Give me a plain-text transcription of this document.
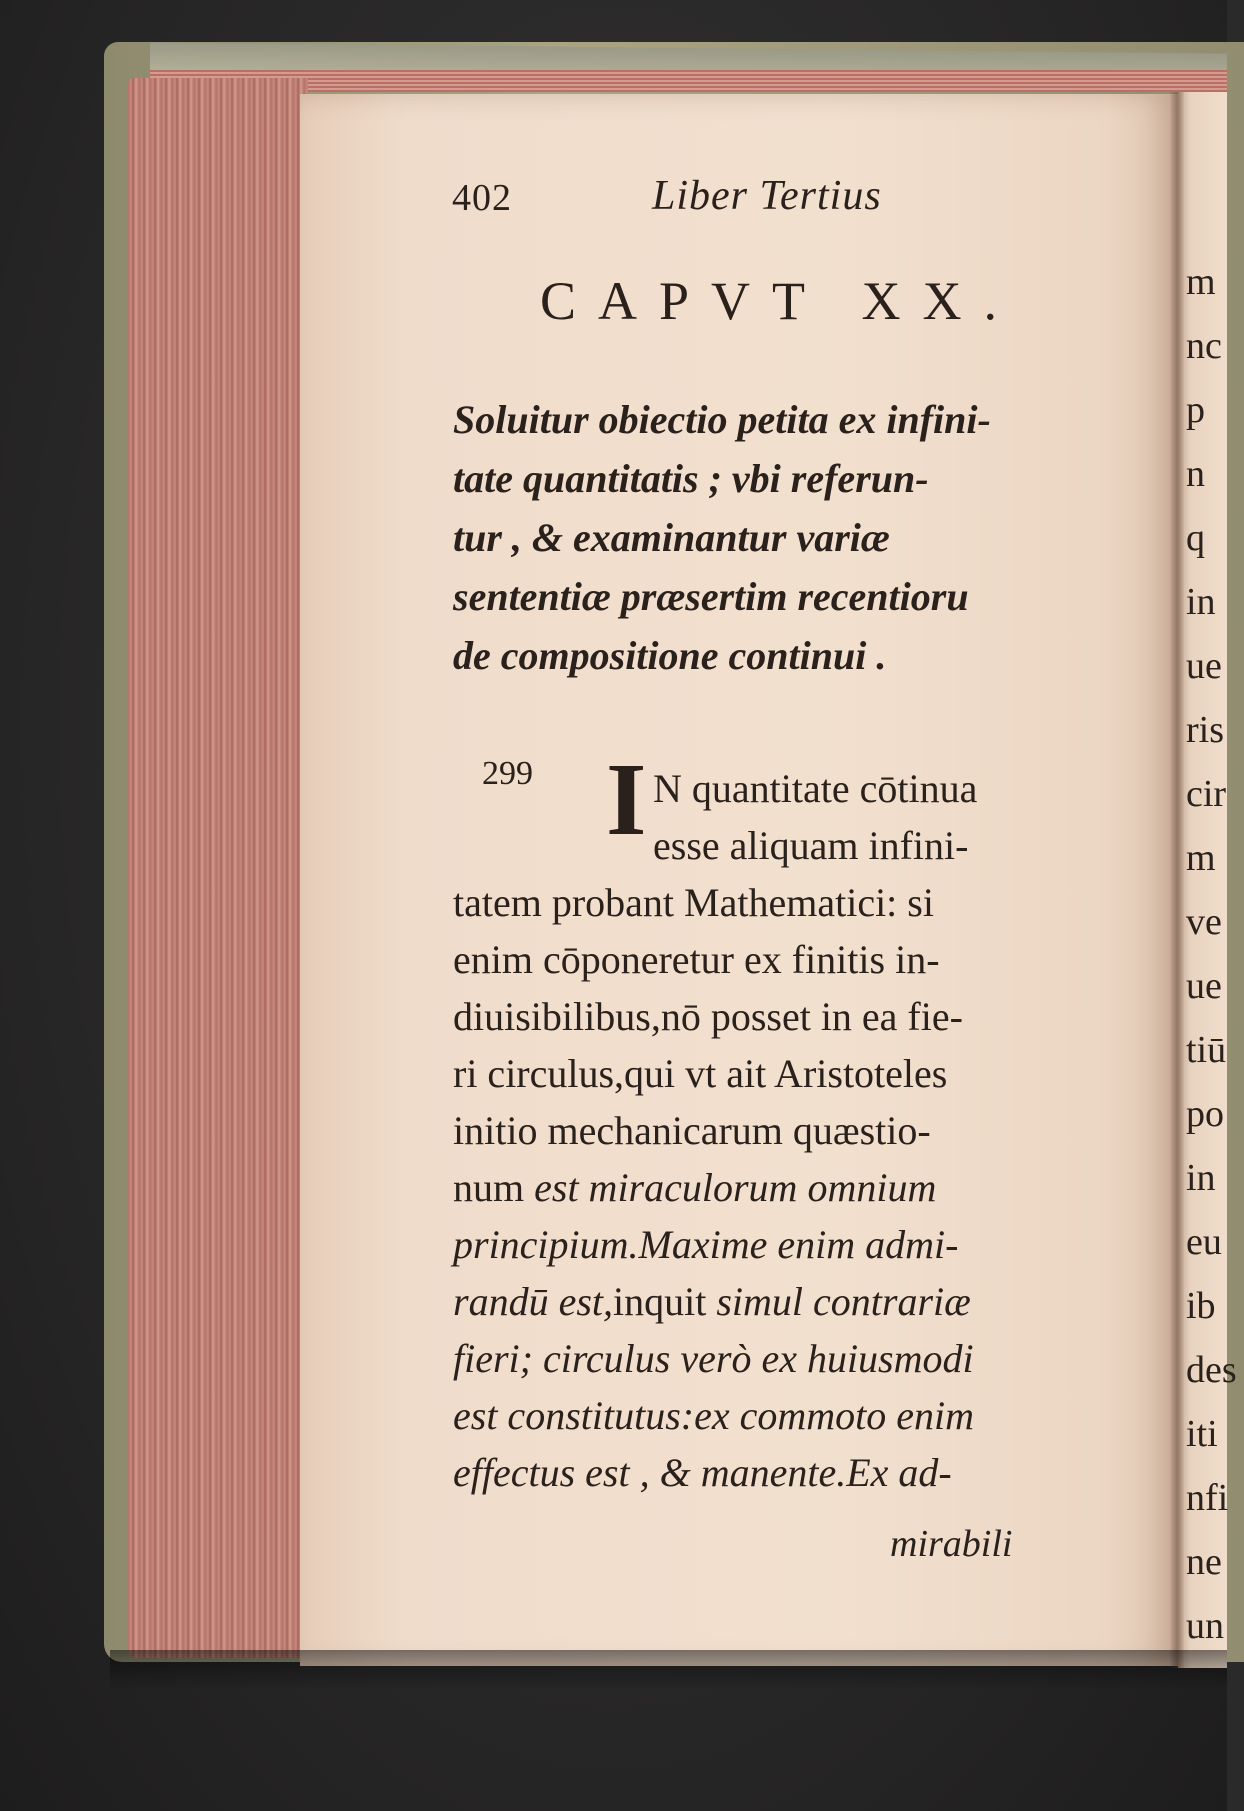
402	Liber Tertius
CAPVT XX.
Soluitur obiectio petita ex infini-
tate quantitatis ; vbi referun-
tur , & examinantur variæ
sententiæ præsertim recentioru
de compositione continui .
299 I N quantitate cōtinua
esse aliquam infini-
tatem probant Mathematici: si
enim cōponeretur ex finitis in-
diuisibilibus,nō posset in ea fie-
ri circulus,qui vt ait Aristoteles
initio mechanicarum quæstio-
num est miraculorum omnium
principium.Maxime enim admi-
randū est,inquit simul contrariæ
fieri; circulus verò ex huiusmodi
est constitutus:ex commoto enim
effectus est , & manente.Ex ad-
mirabili
m
nc
p
n
q
in
ue
ris
cir
m
ve
ue
tiū
po
in
eu
ib
des
iti
nfi
ne
un
